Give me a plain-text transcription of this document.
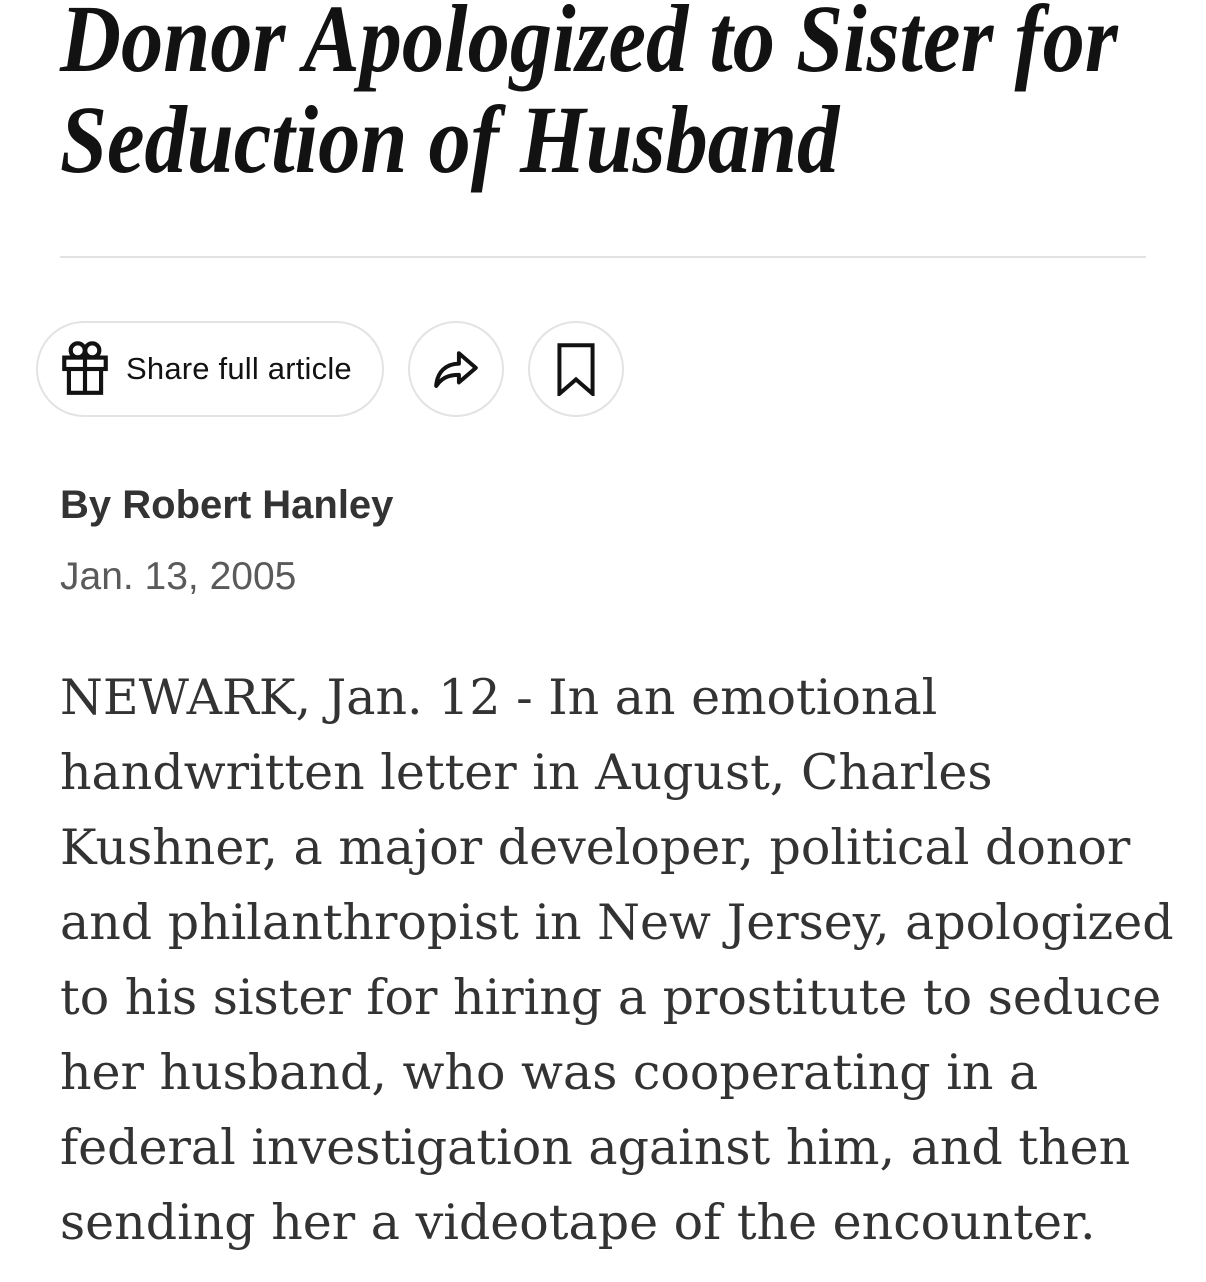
Donor Apologized to Sister for
Seduction of Husband
Share full article
By Robert Hanley
Jan. 13, 2005
NEWARK, Jan. 12 - In an emotional
handwritten letter in August, Charles
Kushner, a major developer, political donor
and philanthropist in New Jersey, apologized
to his sister for hiring a prostitute to seduce
her husband, who was cooperating in a
federal investigation against him, and then
sending her a videotape of the encounter.
